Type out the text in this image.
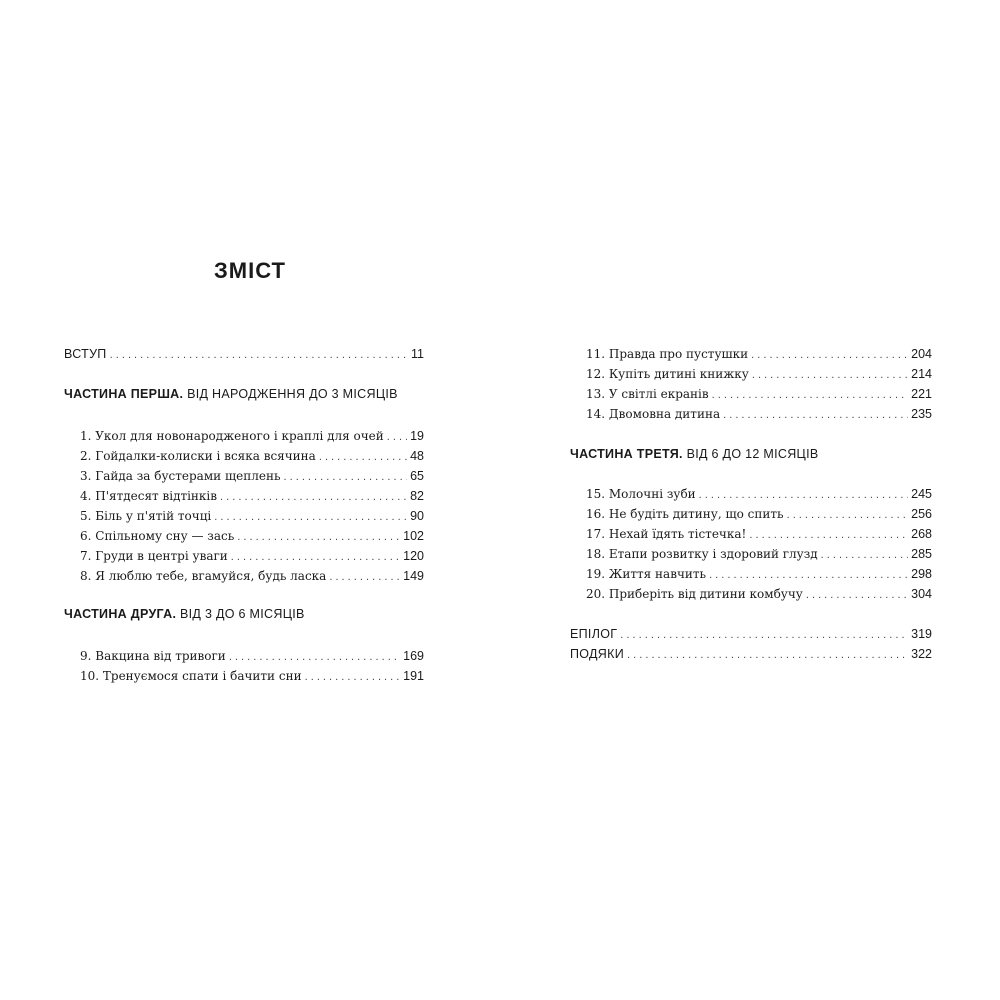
ЗМІСТ
ВСТУП . . .	11
ЧАСТИНА ПЕРША. ВІД НАРОДЖЕННЯ ДО 3 МІСЯЦІВ
1. Укол для новонародженого і краплі для очей . . . 19
2. Гойдалки-колиски і всяка всячина . . .	48
3. Гайда за бустерами щеплень . . .	65
4. П'ятдесят відтінків . . .	82
5. Біль у п'ятій точці . . .	90
6. Спільному сну — зась . . .	102
7. Груди в центрі уваги . . .	120
8. Я люблю тебе, вгамуйся, будь ласка . . .	149
ЧАСТИНА ДРУГА. ВІД 3 ДО 6 МІСЯЦІВ
9. Вакцина від тривоги . . .	169
10. Тренуємося спати і бачити сни . . .	191
11. Правда про пустушки . . .	204
12. Купіть дитині книжку . . .	214
13. У світлі екранів . . .	221
14. Двомовна дитина . . .	235
ЧАСТИНА ТРЕТЯ. ВІД 6 ДО 12 МІСЯЦІВ
15. Молочні зуби . . .	245
16. Не будіть дитину, що спить . . .	256
17. Нехай їдять тістечка! . . .	268
18. Етапи розвитку і здоровий глузд . . .	285
19. Життя навчить . . .	298
20. Приберіть від дитини комбучу . . .	304
ЕПІЛОГ . . .	319
ПОДЯКИ . . .	322
